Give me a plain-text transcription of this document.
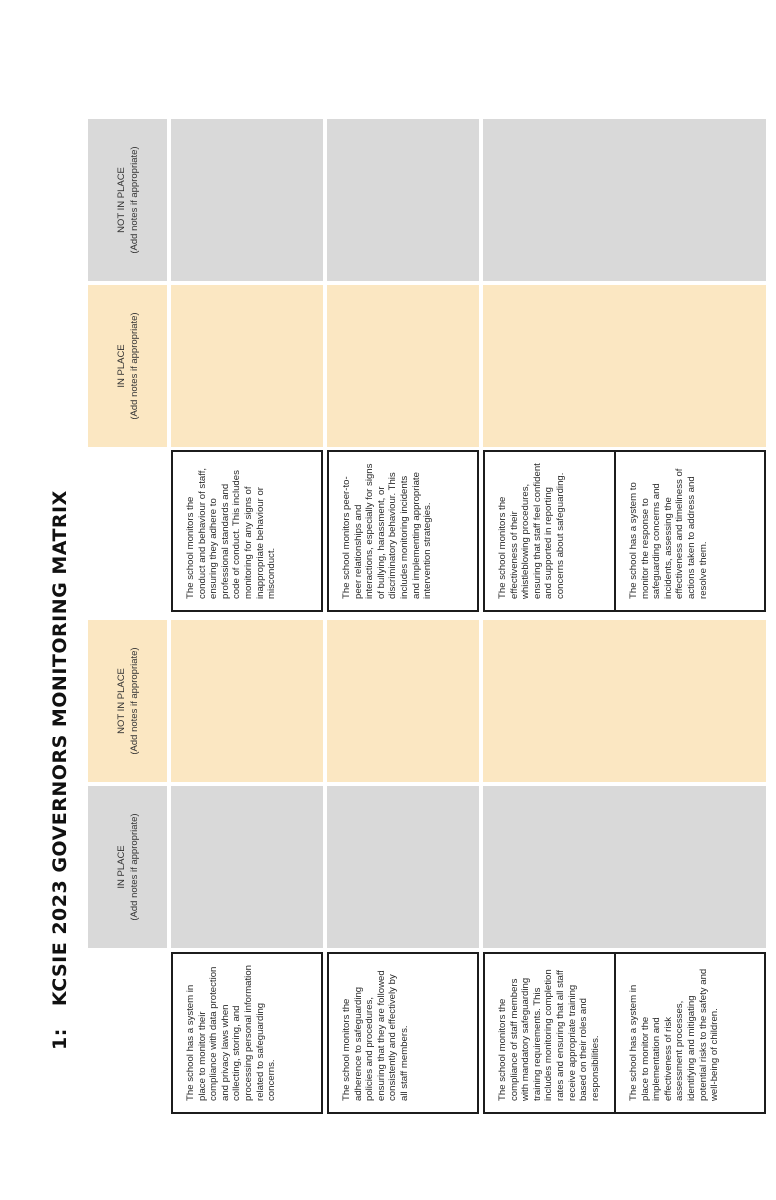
1:
KCSIE 2023 GOVERNORS MONITORING MATRIX	IN PLACE (Add notes if appropriate)
NOT IN PLACE (Add notes if appropriate)
IN PLACE (Add notes if appropriate)
NOT IN PLACE (Add notes if appropriate)
The school has a system in place to monitor their compliance with data protection and privacy laws when collecting, storing, and processing personal information related to safeguarding concerns.
The school monitors the conduct and behaviour of staff, ensuring they adhere to professional standards and code of conduct. This includes monitoring for any signs of inappropriate behaviour or misconduct.
The school monitors the adherence to safeguarding policies and procedures, ensuring that they are followed consistently and effectively by all staff members.
The school monitors peer-to-peer relationships and interactions, especially for signs of bullying, harassment, or discriminatory behaviour. This includes monitoring incidents and implementing appropriate intervention strategies.
The school monitors the compliance of staff members with mandatory safeguarding training requirements. This includes monitoring completion rates and ensuring that all staff receive appropriate training based on their roles and responsibilities.
The school monitors the effectiveness of their whistleblowing procedures, ensuring that staff feel confident and supported in reporting concerns about safeguarding.
The school has a system in place to monitor the implementation and effectiveness of risk assessment processes, identifying and mitigating potential risks to the safety and well-being of children.
The school has a system to monitor the response to safeguarding concerns and incidents, assessing the effectiveness and timeliness of actions taken to address and resolve them.
